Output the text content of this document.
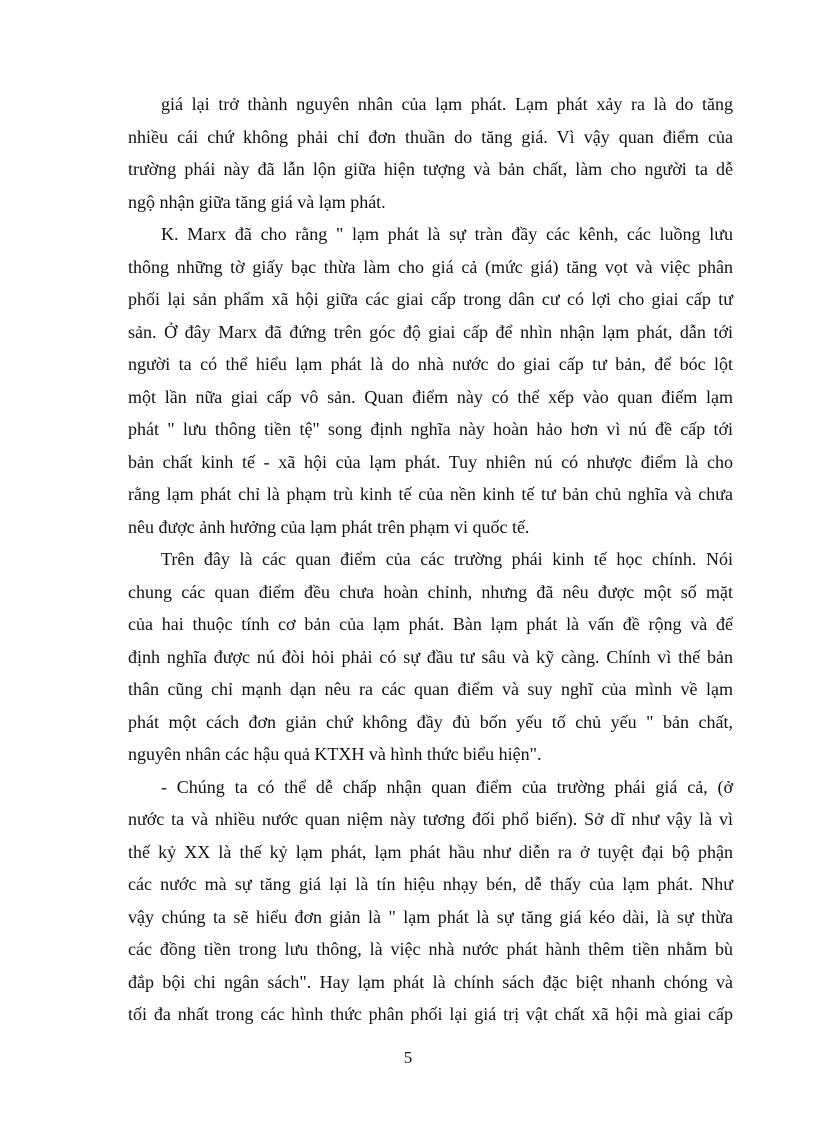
giá lại trở thành nguyên nhân của lạm phát. Lạm phát xảy ra là do tăng
nhiều cái chứ không phải chỉ đơn thuần do tăng giá. Vì vậy quan điểm của
trường phái này đã lẫn lộn giữa hiện tượng và bản chất, làm cho người ta dễ
ngộ nhận giữa tăng giá và lạm phát.
K. Marx đã cho rằng " lạm phát là sự tràn đầy các kênh, các luồng lưu
thông những tờ giấy bạc thừa làm cho giá cả (mức giá) tăng vọt và việc phân
phối lại sản phẩm xã hội giữa các giai cấp trong dân cư có lợi cho giai cấp tư
sản. Ở đây Marx đã đứng trên góc độ giai cấp để nhìn nhận lạm phát, dẫn tới
người ta có thể hiểu lạm phát là do nhà nước do giai cấp tư bản, để bóc lột
một lần nữa giai cấp vô sản. Quan điểm này có thể xếp vào quan điểm lạm
phát " lưu thông tiền tệ" song định nghĩa này hoàn hảo hơn vì nú đề cấp tới
bản chất kinh tế - xã hội của lạm phát. Tuy nhiên nú có nhược điểm là cho
rằng lạm phát chỉ là phạm trù kinh tế của nền kinh tế tư bản chủ nghĩa và chưa
nêu được ảnh hưởng của lạm phát trên phạm vi quốc tế.
Trên đây là các quan điểm của các trường phái kinh tế học chính. Nói
chung các quan điểm đều chưa hoàn chỉnh, nhưng đã nêu được một số mặt
của hai thuộc tính cơ bản của lạm phát. Bàn lạm phát là vấn đề rộng và để
định nghĩa được nú đòi hỏi phải có sự đầu tư sâu và kỹ càng. Chính vì thế bản
thân cũng chỉ mạnh dạn nêu ra các quan điểm và suy nghĩ của mình về lạm
phát một cách đơn giản chứ không đầy đủ bốn yếu tố chủ yếu " bản chất,
nguyên nhân các hậu quả KTXH và hình thức biểu hiện".
- Chúng ta có thể dễ chấp nhận quan điểm của trường phái giá cả, (ở
nước ta và nhiều nước quan niệm này tương đối phổ biến). Sở dĩ như vậy là vì
thế kỷ XX là thế kỷ lạm phát, lạm phát hầu như diễn ra ở tuyệt đại bộ phận
các nước mà sự tăng giá lại là tín hiệu nhạy bén, dễ thấy của lạm phát. Như
vậy chúng ta sẽ hiểu đơn giản là " lạm phát là sự tăng giá kéo dài, là sự thừa
các đồng tiền trong lưu thông, là việc nhà nước phát hành thêm tiền nhằm bù
đắp bội chi ngân sách". Hay lạm phát là chính sách đặc biệt nhanh chóng và
tối đa nhất trong các hình thức phân phối lại giá trị vật chất xã hội mà giai cấp
5
